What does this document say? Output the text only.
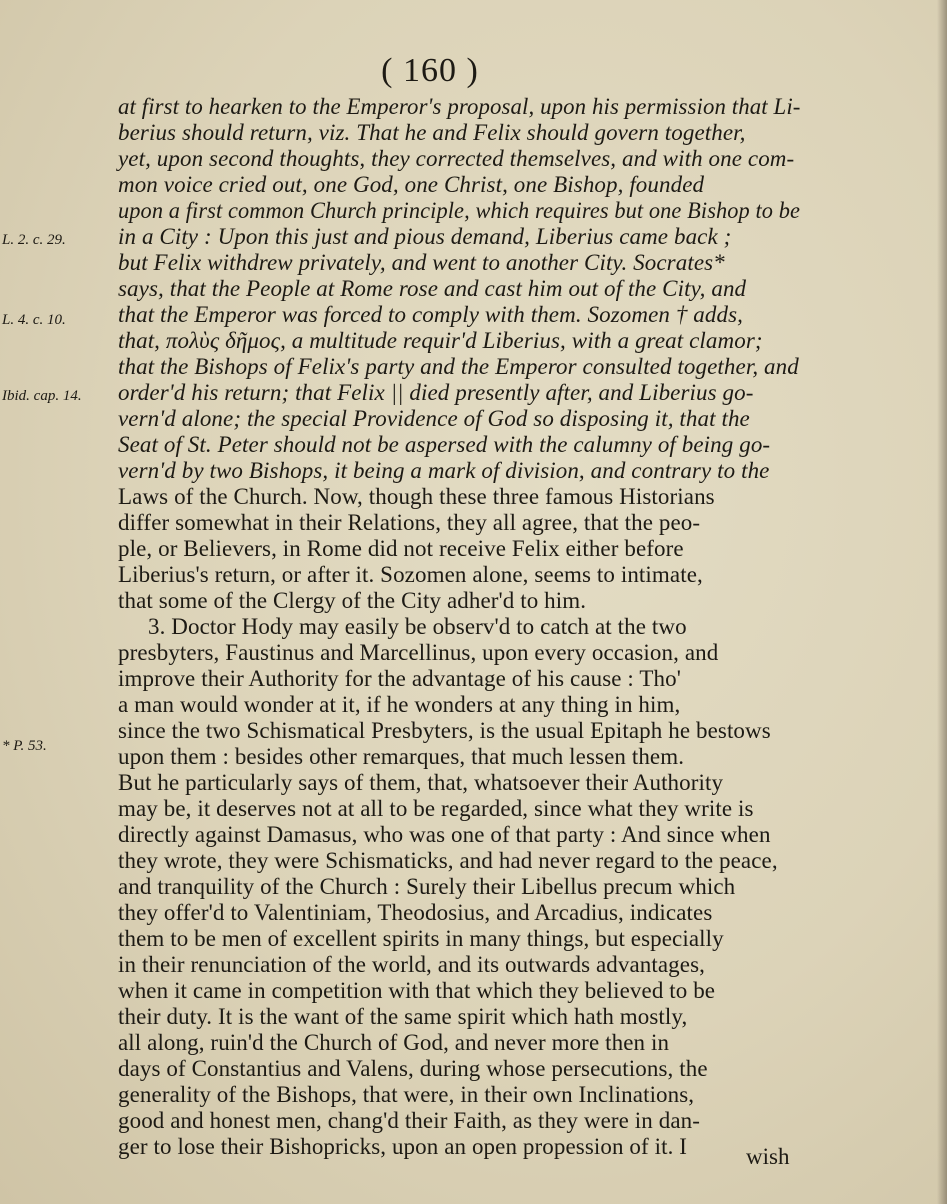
( 160 )
L. 2. c. 29.
L. 4. c. 10.
Ibid. cap. 14.
* P. 53.
at first to hearken to the Emperor's proposal, upon his permission that Li-
berius should return, viz. That he and Felix should govern together,
yet, upon second thoughts, they corrected themselves, and with one com-
mon voice cried out, one God, one Christ, one Bishop, founded
upon a first common Church principle, which requires but one Bishop to be
in a City : Upon this just and pious demand, Liberius came back ;
but Felix withdrew privately, and went to another City. Socrates*
says, that the People at Rome rose and cast him out of the City, and
that the Emperor was forced to comply with them. Sozomen † adds,
that, πολὺς δῆμος, a multitude requir'd Liberius, with a great clamor;
that the Bishops of Felix's party and the Emperor consulted together, and
order'd his return; that Felix || died presently after, and Liberius go-
vern'd alone; the special Providence of God so disposing it, that the
Seat of St. Peter should not be aspersed with the calumny of being go-
vern'd by two Bishops, it being a mark of division, and contrary to the
Laws of the Church. Now, though these three famous Historians
differ somewhat in their Relations, they all agree, that the peo-
ple, or Believers, in Rome did not receive Felix either before
Liberius's return, or after it. Sozomen alone, seems to intimate,
that some of the Clergy of the City adher'd to him.
3. Doctor Hody may easily be observ'd to catch at the two
presbyters, Faustinus and Marcellinus, upon every occasion, and
improve their Authority for the advantage of his cause : Tho'
a man would wonder at it, if he wonders at any thing in him,
since the two Schismatical Presbyters, is the usual Epitaph he bestows
upon them : besides other remarques, that much lessen them.
But he particularly says of them, that, whatsoever their Authority
may be, it deserves not at all to be regarded, since what they write is
directly against Damasus, who was one of that party : And since when
they wrote, they were Schismaticks, and had never regard to the peace,
and tranquility of the Church : Surely their Libellus precum which
they offer'd to Valentiniam, Theodosius, and Arcadius, indicates
them to be men of excellent spirits in many things, but especially
in their renunciation of the world, and its outwards advantages,
when it came in competition with that which they believed to be
their duty. It is the want of the same spirit which hath mostly,
all along, ruin'd the Church of God, and never more then in
days of Constantius and Valens, during whose persecutions, the
generality of the Bishops, that were, in their own Inclinations,
good and honest men, chang'd their Faith, as they were in dan-
ger to lose their Bishopricks, upon an open propession of it. I	wish
